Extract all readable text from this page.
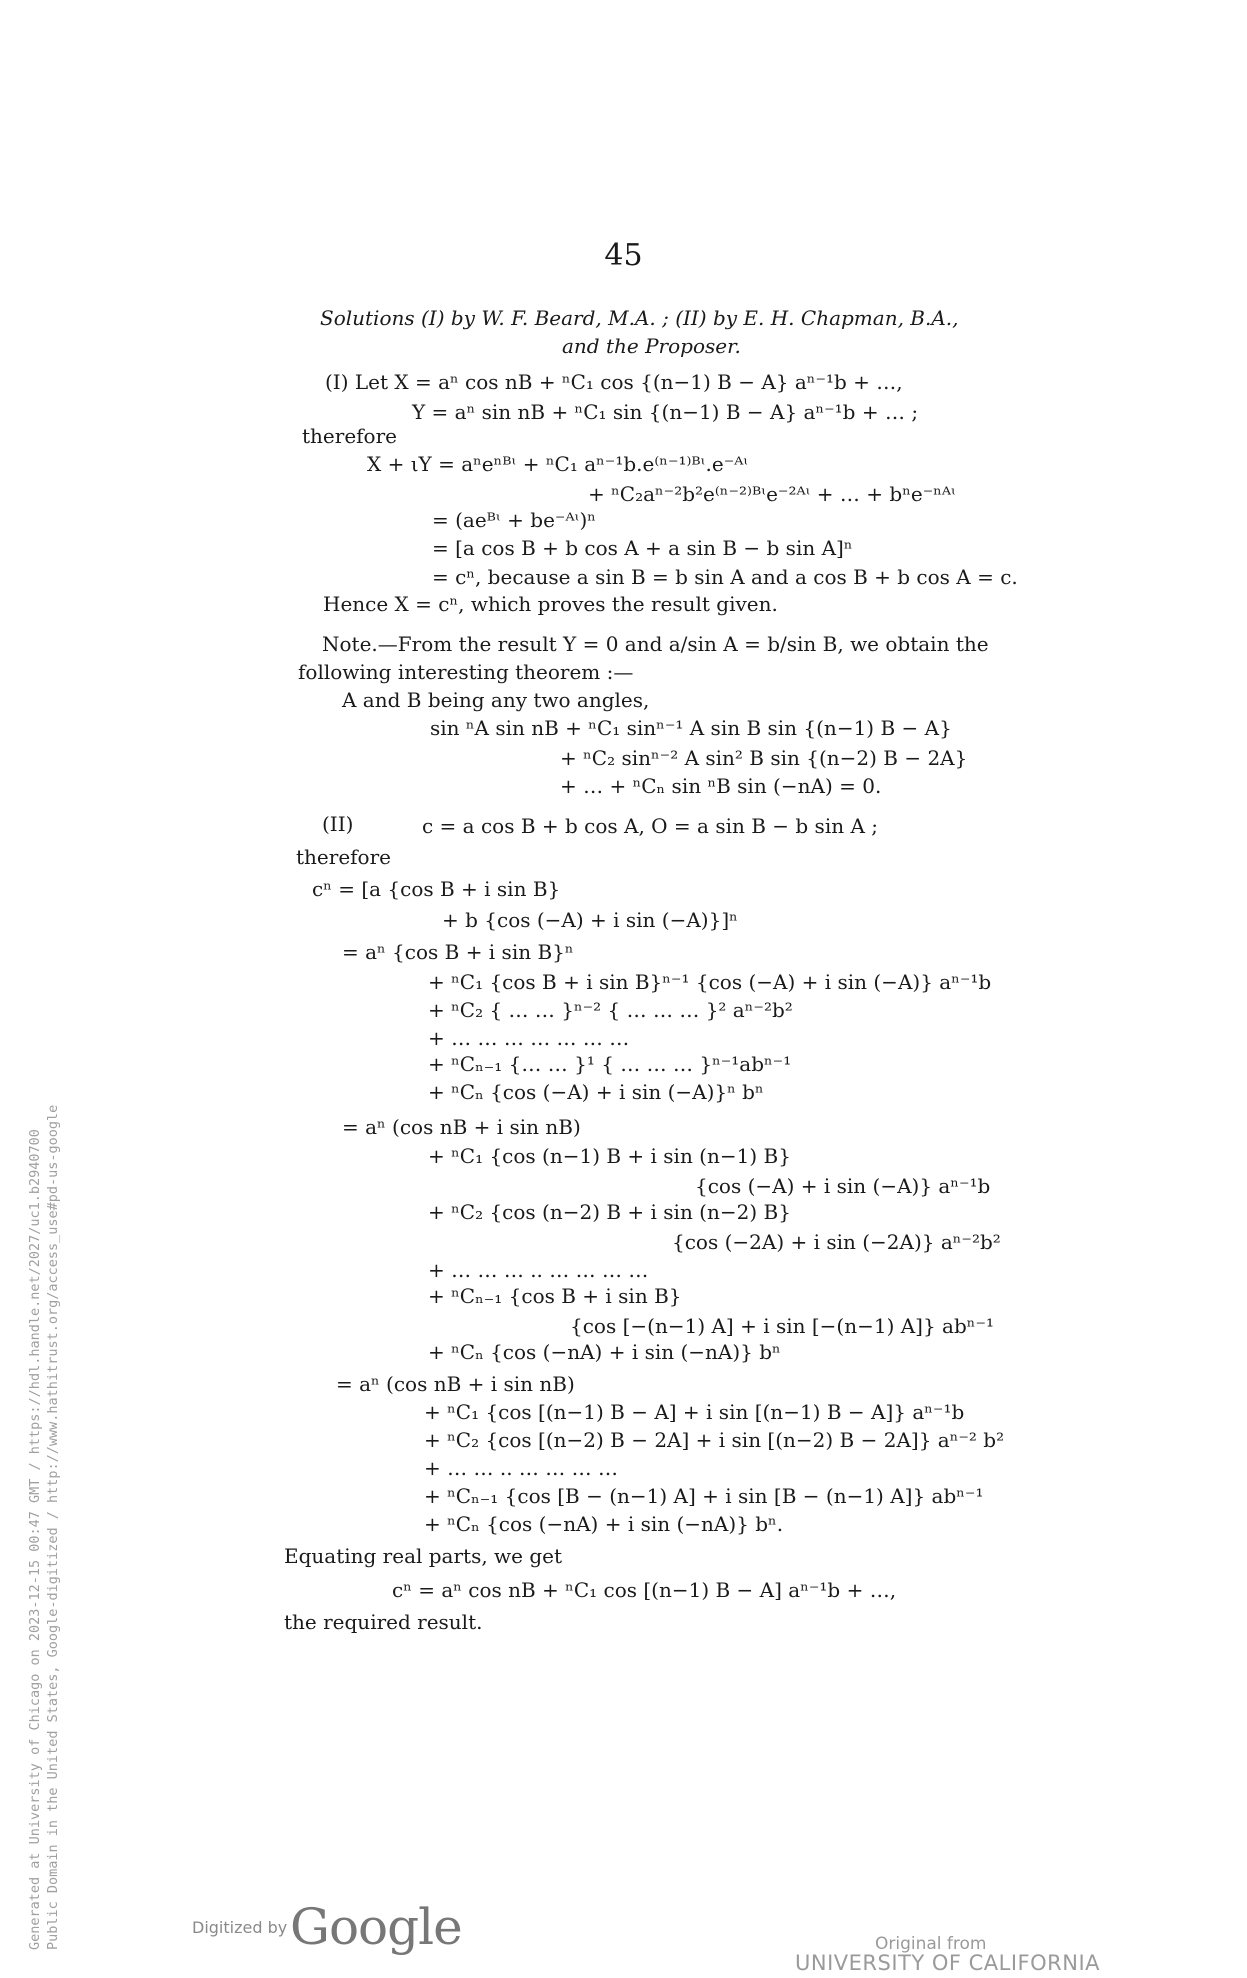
45
Solutions (I) by W. F. Beard, M.A. ; (II) by E. H. Chapman, B.A.,
and the Proposer.
(I) Let X = aⁿ cos nB + ⁿC₁ cos {(n−1) B − A} aⁿ⁻¹b + …,
Y = aⁿ sin nB + ⁿC₁ sin {(n−1) B − A} aⁿ⁻¹b + … ;
therefore
X + ιY = aⁿeⁿᴮᶥ + ⁿC₁ aⁿ⁻¹b.e⁽ⁿ⁻¹⁾ᴮᶥ.e⁻ᴬᶥ
+ ⁿC₂aⁿ⁻²b²e⁽ⁿ⁻²⁾ᴮᶥe⁻²ᴬᶥ + … + bⁿe⁻ⁿᴬᶥ
= (aeᴮᶥ + be⁻ᴬᶥ)ⁿ
= [a cos B + b cos A + a sin B − b sin A]ⁿ
= cⁿ, because a sin B = b sin A and a cos B + b cos A = c.
Hence X = cⁿ, which proves the result given.
Note.—From the result Y = 0 and a/sin A = b/sin B, we obtain the
following interesting theorem :—
A and B being any two angles,
sin ⁿA sin nB + ⁿC₁ sinⁿ⁻¹ A sin B sin {(n−1) B − A}
+ ⁿC₂ sinⁿ⁻² A sin² B sin {(n−2) B − 2A}
+ … + ⁿCₙ sin ⁿB sin (−nA) = 0.
(II)	c = a cos B + b cos A, O = a sin B − b sin A ;
therefore
cⁿ = [a {cos B + i sin B}
+ b {cos (−A) + i sin (−A)}]ⁿ
= aⁿ {cos B + i sin B}ⁿ
+ ⁿC₁ {cos B + i sin B}ⁿ⁻¹ {cos (−A) + i sin (−A)} aⁿ⁻¹b
+ ⁿC₂ { … … }ⁿ⁻² { … … … }² aⁿ⁻²b²
+ … … … … … … …
+ ⁿCₙ₋₁ {… … }¹ { … … … }ⁿ⁻¹abⁿ⁻¹
+ ⁿCₙ {cos (−A) + i sin (−A)}ⁿ bⁿ
= aⁿ (cos nB + i sin nB)
+ ⁿC₁ {cos (n−1) B + i sin (n−1) B}
{cos (−A) + i sin (−A)} aⁿ⁻¹b
+ ⁿC₂ {cos (n−2) B + i sin (n−2) B}
{cos (−2A) + i sin (−2A)} aⁿ⁻²b²
+ … … … .. … … … …
+ ⁿCₙ₋₁ {cos B + i sin B}
{cos [−(n−1) A] + i sin [−(n−1) A]} abⁿ⁻¹
+ ⁿCₙ {cos (−nA) + i sin (−nA)} bⁿ
= aⁿ (cos nB + i sin nB)
+ ⁿC₁ {cos [(n−1) B − A] + i sin [(n−1) B − A]} aⁿ⁻¹b
+ ⁿC₂ {cos [(n−2) B − 2A] + i sin [(n−2) B − 2A]} aⁿ⁻² b²
+ … … .. … … … …
+ ⁿCₙ₋₁ {cos [B − (n−1) A] + i sin [B − (n−1) A]} abⁿ⁻¹
+ ⁿCₙ {cos (−nA) + i sin (−nA)} bⁿ.
Equating real parts, we get
cⁿ = aⁿ cos nB + ⁿC₁ cos [(n−1) B − A] aⁿ⁻¹b + …,
the required result.
Digitized by Google	Original from
UNIVERSITY OF CALIFORNIA
Generated at University of Chicago on 2023-12-15 00:47 GMT / https://hdl.handle.net/2027/uc1.b2940700 Public Domain in the United States, Google-digitized / http://www.hathitrust.org/access_use#pd-us-google
